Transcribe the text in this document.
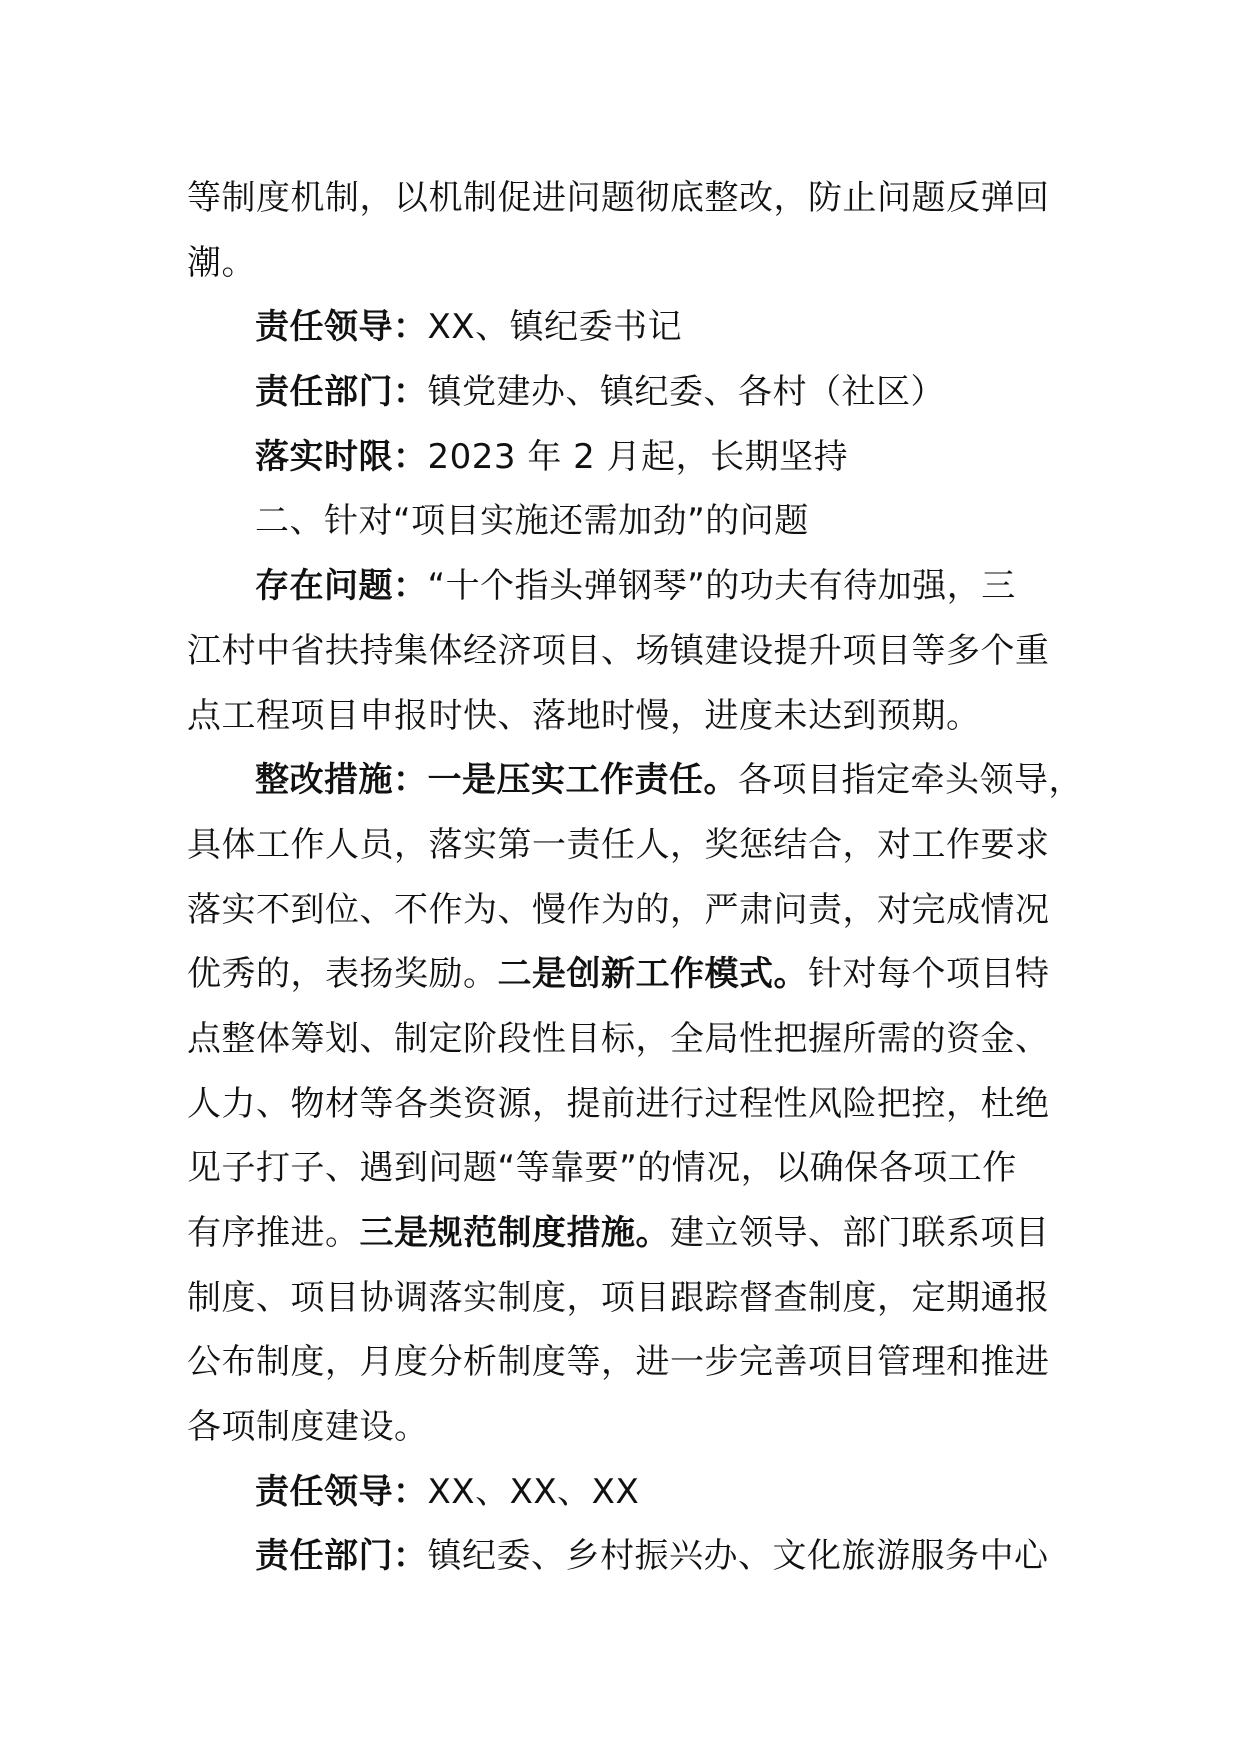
等制度机制，以机制促进问题彻底整改，防止问题反弹回
潮。
责任领导：XX、镇纪委书记
责任部门：镇党建办、镇纪委、各村（社区）
落实时限：2023 年 2 月起，长期坚持
二、针对“项目实施还需加劲”的问题
存在问题：“十个指头弹钢琴”的功夫有待加强，三
江村中省扶持集体经济项目、场镇建设提升项目等多个重
点工程项目申报时快、落地时慢，进度未达到预期。
整改措施：一是压实工作责任。各项目指定牵头领导，
具体工作人员，落实第一责任人，奖惩结合，对工作要求
落实不到位、不作为、慢作为的，严肃问责，对完成情况
优秀的，表扬奖励。二是创新工作模式。针对每个项目特
点整体筹划、制定阶段性目标，全局性把握所需的资金、
人力、物材等各类资源，提前进行过程性风险把控，杜绝
见子打子、遇到问题“等靠要”的情况，以确保各项工作
有序推进。三是规范制度措施。建立领导、部门联系项目
制度、项目协调落实制度，项目跟踪督查制度，定期通报
公布制度，月度分析制度等，进一步完善项目管理和推进
各项制度建设。
责任领导：XX、XX、XX
责任部门：镇纪委、乡村振兴办、文化旅游服务中心
